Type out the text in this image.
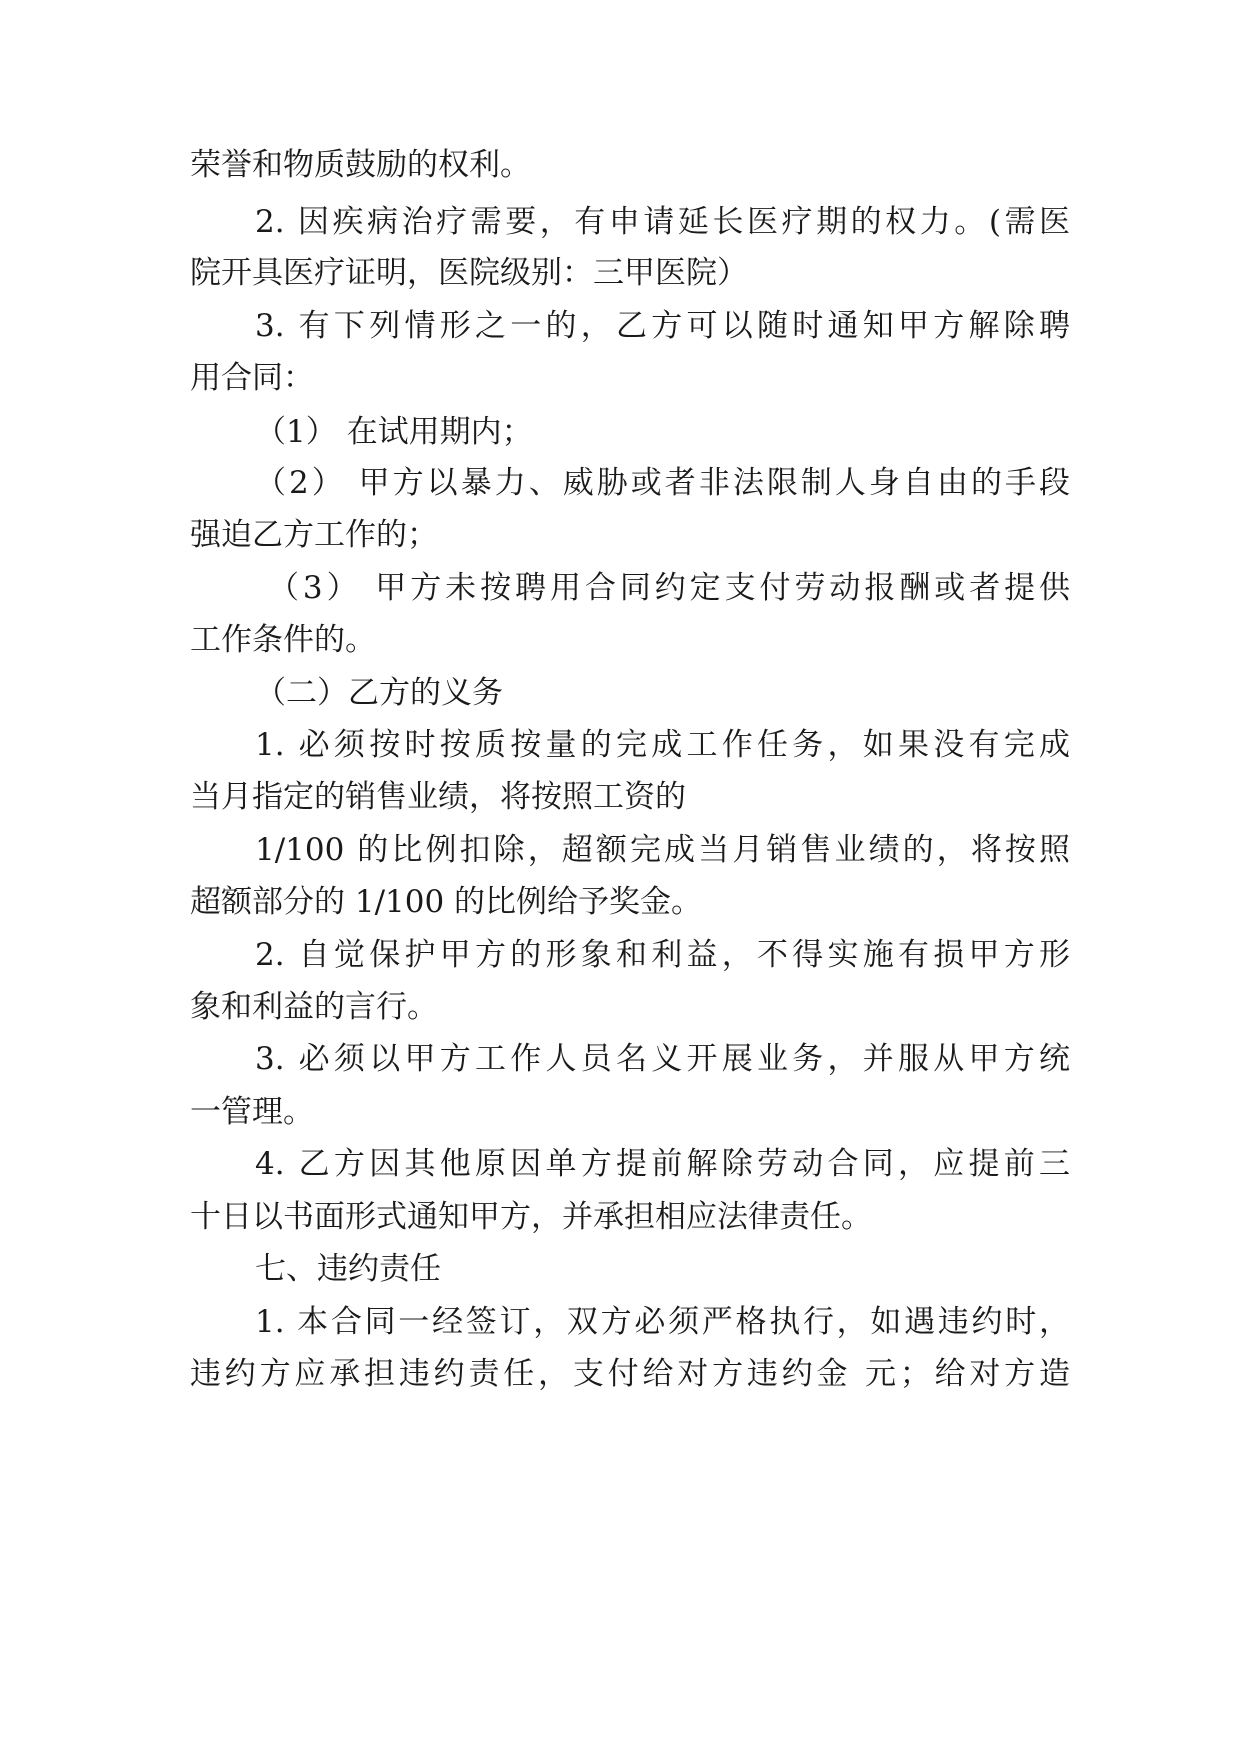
荣誉和物质鼓励的权利。
2. 因疾病治疗需要，有申请延长医疗期的权力。(需医
院开具医疗证明，医院级别：三甲医院）
3. 有下列情形之一的，乙方可以随时通知甲方解除聘
用合同：
（1） 在试用期内；
（2） 甲方以暴力、威胁或者非法限制人身自由的手段
强迫乙方工作的；
（3） 甲方未按聘用合同约定支付劳动报酬或者提供
工作条件的。
（二）乙方的义务
1. 必须按时按质按量的完成工作任务，如果没有完成
当月指定的销售业绩，将按照工资的
1/100 的比例扣除，超额完成当月销售业绩的，将按照
超额部分的 1/100 的比例给予奖金。
2. 自觉保护甲方的形象和利益，不得实施有损甲方形
象和利益的言行。
3. 必须以甲方工作人员名义开展业务，并服从甲方统
一管理。
4. 乙方因其他原因单方提前解除劳动合同，应提前三
十日以书面形式通知甲方，并承担相应法律责任。
七、违约责任
1. 本合同一经签订，双方必须严格执行，如遇违约时，
违约方应承担违约责任，支付给对方违约金 元；给对方造
